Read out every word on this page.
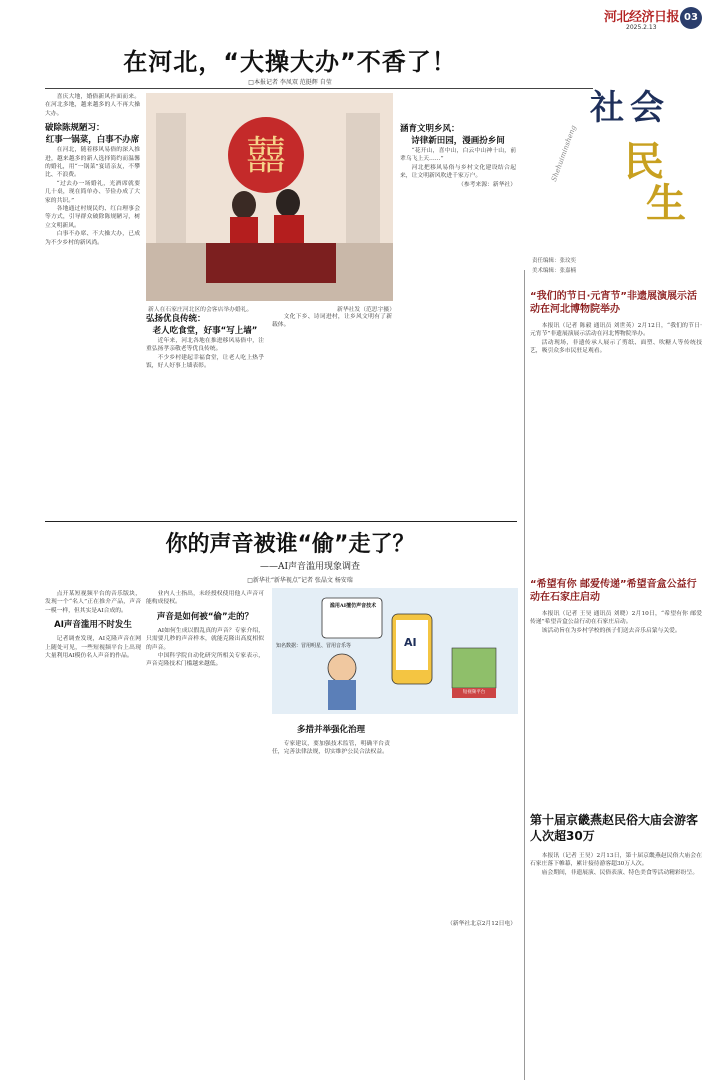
河北经济日报
2025.2.13
03
在河北，“大操大办”不香了！
□本报记者 李凤双 范挺辉 自莹

喜庆大地，婚俗新风扑面而来。在河北多地，越来越多的人不再大操大办。

破除陈规陋习：
红事一锅菜，白事不办席

在河北，随着移风易俗的深入推进，越来越多的新人选择简约而温馨的婚礼，用“一锅菜”宴请亲友，不攀比、不浪费。

“过去办一场婚礼，光酒席就要几十桌，现在简单办、节俭办成了大家的共识。”

各地通过村规民约、红白理事会等方式，引导群众破除陈规陋习，树立文明新风。

白事不办席、不大操大办，已成为不少乡村的新风尚。

囍
新人在石家庄河北区的会客店举办婚礼。	新华社发（范思宇摄）
弘扬优良传统：
老人吃食堂，好事“写上墙”

近年来，河北各地在推进移风易俗中，注重弘扬孝亲敬老等优良传统。

不少乡村建起幸福食堂，让老人吃上热乎饭，好人好事上墙表彰。

文化下乡、诗词进村，让乡风文明有了新载体。

涵育文明乡风：
诗律新田园，漫画扮乡间

“花开山，喜中山，白云中山神十山，前辈乌飞上天……”

河北把移风易俗与乡村文化建设结合起来，让文明新风吹进千家万户。

（参考来源：新华社）

社 会
民
生
Shehuiminsheng
责任编辑：张玟奕
美术编辑：张嘉楠
“我们的节日·元宵节”非遗展演展示活动在河北博物院举办

本报讯（记者 陈毅 通讯员 刘世英）2月12日，“我们的节日·元宵节”非遗展演展示活动在河北博物院举办。

活动现场，非遗传承人展示了剪纸、面塑、吹糖人等传统技艺，吸引众多市民驻足观看。

“希望有你 邮爱传递”希望音盒公益行动在石家庄启动

本报讯（记者 王昊 通讯员 刘晓）2月10日，“希望有你 邮爱传递”希望音盒公益行动在石家庄启动。

该活动旨在为乡村学校的孩子们送去音乐启蒙与关爱。

第十届京畿燕赵民俗大庙会游客人次超30万

本报讯（记者 王昊）2月13日，第十届京畿燕赵民俗大庙会在石家庄落下帷幕，累计接待游客超30万人次。

庙会期间，非遗展演、民俗表演、特色美食等活动精彩纷呈。

你的声音被谁“偷”走了？
——AI声音滥用现象调查
□新华社“新华视点”记者 张晶文 杨安瑞

点开某短视频平台的音乐版块，发现一个“名人”正在推介产品，声音一模一样，但其实是AI合成的。

AI声音滥用不时发生

记者调查发现，AI克隆声音在网上随处可见，一些短视频平台上出现大量利用AI模仿名人声音的作品。

业内人士指出，未经授权使用他人声音可能构成侵权。

声音是如何被“偷”走的？

AI如何生成以假乱真的声音？专家介绍，只需要几秒的声音样本，就能克隆出高度相似的声音。

中国科学院自动化研究所相关专家表示，声音克隆技术门槛越来越低。

滥用AI擅仿声音技术
知名数据：冒用明星、冒用音乐等	AI
短视频平台
多措并举强化治理

专家建议，要加强技术监管，明确平台责任，完善法律法规，切实维护公民合法权益。

（新华社北京2月12日电）
